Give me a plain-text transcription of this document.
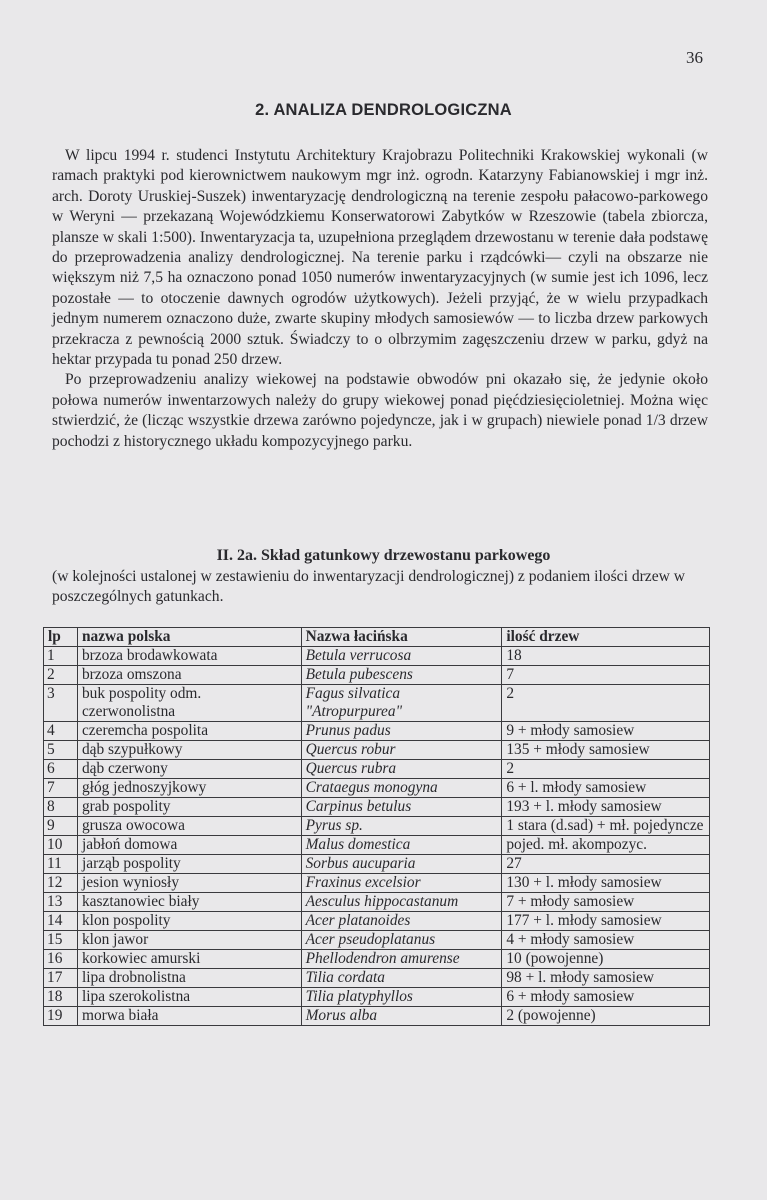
36
2. ANALIZA DENDROLOGICZNA

W lipcu 1994 r. studenci Instytutu Architektury Krajobrazu Politechniki Krakowskiej wykonali (w ramach praktyki pod kierownictwem naukowym mgr inż. ogrodn. Katarzyny Fabianowskiej i mgr inż. arch. Doroty Uruskiej-Suszek) inwentaryzację dendrologiczną na terenie zespołu pałacowo-parkowego w Weryni — przekazaną Wojewódzkiemu Konserwatorowi Zabytków w Rzeszowie (tabela zbiorcza, plansze w skali 1:500). Inwentaryzacja ta, uzupełniona przeglądem drzewostanu w terenie dała podstawę do przeprowadzenia analizy dendrologicznej. Na terenie parku i rządcówki— czyli na obszarze nie większym niż 7,5 ha oznaczono ponad 1050 numerów inwentaryzacyjnych (w sumie jest ich 1096, lecz pozostałe — to otoczenie dawnych ogrodów użytkowych). Jeżeli przyjąć, że w wielu przypadkach jednym numerem oznaczono duże, zwarte skupiny młodych samosiewów — to liczba drzew parkowych przekracza z pewnością 2000 sztuk. Świadczy to o olbrzymim zagęszczeniu drzew w parku, gdyż na hektar przypada tu ponad 250 drzew.

Po przeprowadzeniu analizy wiekowej na podstawie obwodów pni okazało się, że jedynie około połowa numerów inwentarzowych należy do grupy wiekowej ponad pięćdziesięcioletniej. Można więc stwierdzić, że (licząc wszystkie drzewa zarówno pojedyncze, jak i w grupach) niewiele ponad 1/3 drzew pochodzi z historycznego układu kompozycyjnego parku.

II. 2a. Skład gatunkowy drzewostanu parkowego
(w kolejności ustalonej w zestawieniu do inwentaryzacji dendrologicznej) z podaniem ilości drzew w poszczególnych gatunkach.
lp	nazwa polska	Nazwa łacińska	ilość drzew
1	brzoza brodawkowata	Betula verrucosa	18
2	brzoza omszona	Betula pubescens	7
3	buk pospolity odm. czerwonolistna	Fagus silvatica "Atropurpurea"	2
4	czeremcha pospolita	Prunus padus	9 + młody samosiew
5	dąb szypułkowy	Quercus robur	135 + młody samosiew
6	dąb czerwony	Quercus rubra	2
7	głóg jednoszyjkowy	Crataegus monogyna	6 + l. młody samosiew
8	grab pospolity	Carpinus betulus	193 + l. młody samosiew
9	grusza owocowa	Pyrus sp.	1 stara (d.sad) + mł. pojedyncze
10	jabłoń domowa	Malus domestica	pojed. mł. akompozyc.
11	jarząb pospolity	Sorbus aucuparia	27
12	jesion wyniosły	Fraxinus excelsior	130 + l. młody samosiew
13	kasztanowiec biały	Aesculus hippocastanum	7 + młody samosiew
14	klon pospolity	Acer platanoides	177 + l. młody samosiew
15	klon jawor	Acer pseudoplatanus	4 + młody samosiew
16	korkowiec amurski	Phellodendron amurense	10 (powojenne)
17	lipa drobnolistna	Tilia cordata	98 + l. młody samosiew
18	lipa szerokolistna	Tilia platyphyllos	6 + młody samosiew
19	morwa biała	Morus alba	2 (powojenne)
